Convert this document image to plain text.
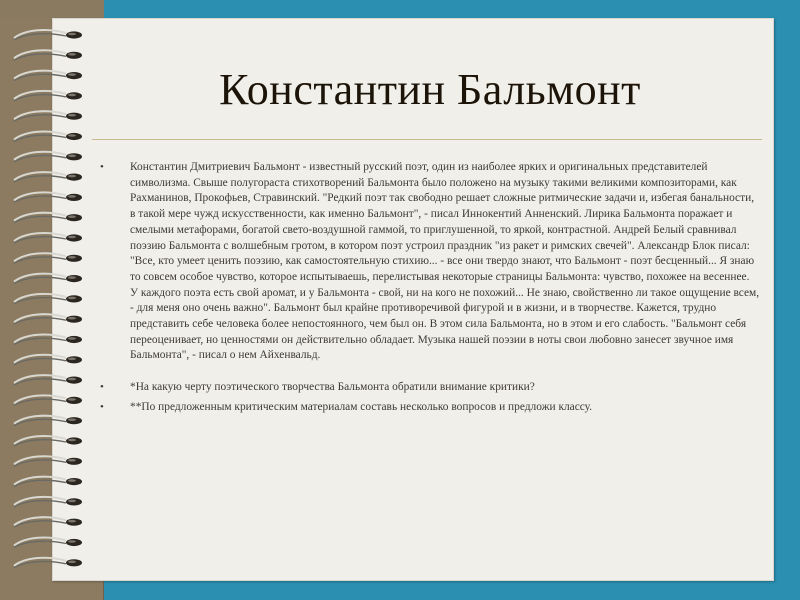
Константин Бальмонт
• Константин Дмитриевич Бальмонт - известный русский поэт, один из наиболее ярких и оригинальных представителей символизма. Свыше полугораста стихотворений Бальмонта было положено на музыку такими великими композиторами, как Рахманинов, Прокофьев, Стравинский. "Редкий поэт так свободно решает сложные ритмические задачи и, избегая банальности, в такой мере чужд искусственности, как именно Бальмонт", - писал Иннокентий Анненский. Лирика Бальмонта поражает и смелыми метафорами, богатой свето-воздушной гаммой, то приглушенной, то яркой, контрастной. Андрей Белый сравнивал поэзию Бальмонта с волшебным гротом, в котором поэт устроил праздник "из ракет и римских свечей". Александр Блок писал: "Все, кто умеет ценить поэзию, как самостоятельную стихию... - все они твердо знают, что Бальмонт - поэт бесценный... Я знаю то совсем особое чувство, которое испытываешь, перелистывая некоторые страницы Бальмонта: чувство, похожее на весеннее. У каждого поэта есть свой аромат, и у Бальмонта - свой, ни на кого не похожий... Не знаю, свойственно ли такое ощущение всем, - для меня оно очень важно". Бальмонт был крайне противоречивой фигурой и в жизни, и в творчестве. Кажется, трудно представить себе человека более непостоянного, чем был он. В этом сила Бальмонта, но в этом и его слабость. "Бальмонт себя переоценивает, но ценностями он действительно обладает. Музыка нашей поэзии в ноты свои любовно занесет звучное имя Бальмонта", - писал о нем Айхенвальд.
• *На какую черту поэтического творчества Бальмонта обратили внимание критики?
• **По предложенным критическим материалам составь несколько вопросов и предложи классу.
